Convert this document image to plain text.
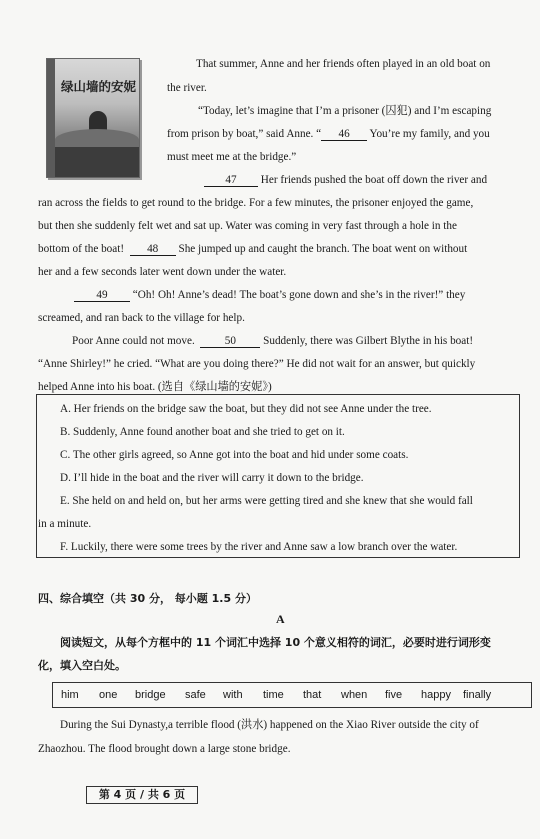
绿山墙的安妮
That summer, Anne and her friends often played in an old boat on
the river.
“Today, let’s imagine that I’m a prisoner (囚犯) and I’m escaping
from prison by boat,” said Anne. “ 46 You’re my family, and you
must meet me at the bridge.”
47 Her friends pushed the boat off down the river and
ran across the fields to get round to the bridge. For a few minutes, the prisoner enjoyed the game,
but then she suddenly felt wet and sat up. Water was coming in very fast through a hole in the
bottom of the boat! 48 She jumped up and caught the branch. The boat went on without
her and a few seconds later went down under the water.
49 “Oh! Oh! Anne’s dead! The boat’s gone down and she’s in the river!” they
screamed, and ran back to the village for help.
Poor Anne could not move.	50 Suddenly, there was Gilbert Blythe in his boat!
“Anne Shirley!” he cried. “What are you doing there?” He did not wait for an answer, but quickly
helped Anne into his boat. (选自《绿山墙的安妮》)
A. Her friends on the bridge saw the boat, but they did not see Anne under the tree.
B. Suddenly, Anne found another boat and she tried to get on it.
C. The other girls agreed, so Anne got into the boat and hid under some coats.
D. I’ll hide in the boat and the river will carry it down to the bridge.
E. She held on and held on, but her arms were getting tired and she knew that she would fall
in a minute.
F. Luckily, there were some trees by the river and Anne saw a low branch over the water.
四、综合填空（共 30 分， 每小题 1.5 分）
A
阅读短文，从每个方框中的 11 个词汇中选择 10 个意义相符的词汇，必要时进行词形变
化，填入空白处。
him one bridge safe with time that when five happy finally
During the Sui Dynasty,a terrible flood (洪水) happened on the Xiao River outside the city of
Zhaozhou. The flood brought down a large stone bridge.
第 4 页 / 共 6 页
